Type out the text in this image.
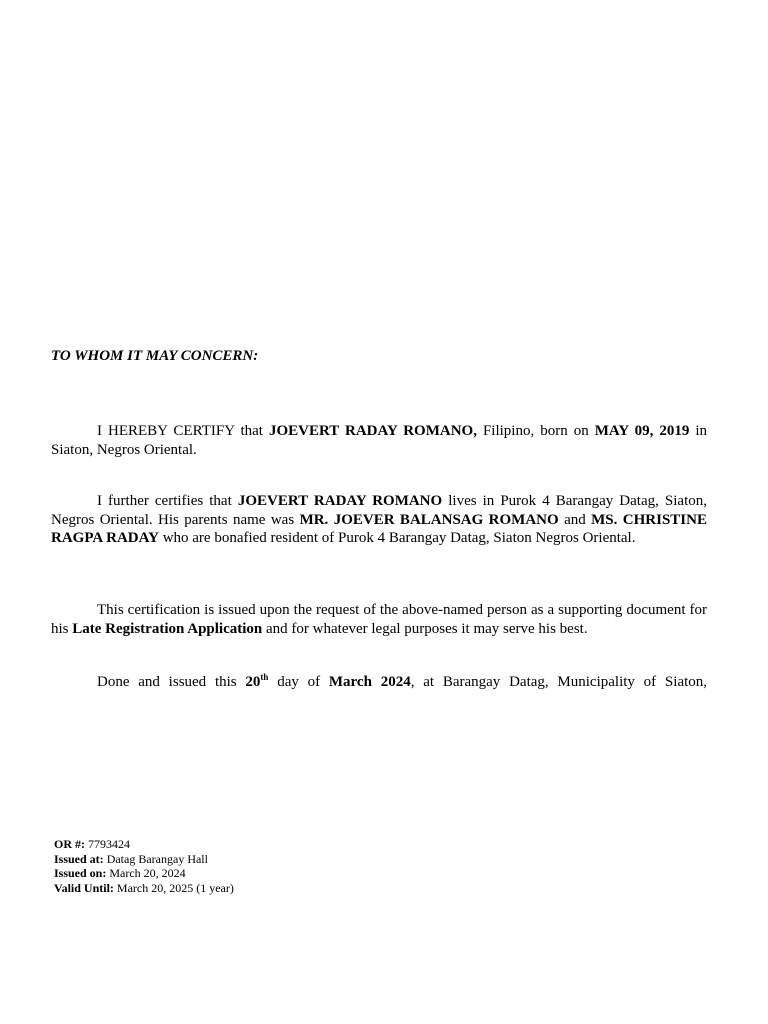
TO WHOM IT MAY CONCERN:

I HEREBY CERTIFY that JOEVERT RADAY ROMANO, Filipino, born on MAY 09, 2019 in Siaton, Negros Oriental.

I further certifies that JOEVERT RADAY ROMANO lives in Purok 4 Barangay Datag, Siaton, Negros Oriental. His parents name was MR. JOEVER BALANSAG ROMANO and MS. CHRISTINE RAGPA RADAY who are bonafied resident of Purok 4 Barangay Datag, Siaton Negros Oriental.

This certification is issued upon the request of the above-named person as a supporting document for his Late Registration Application and for whatever legal purposes it may serve his best.

Done and issued this 20th day of March 2024, at Barangay Datag, Municipality of Siaton,

OR #: 7793424
Issued at: Datag Barangay Hall
Issued on: March 20, 2024
Valid Until: March 20, 2025 (1 year)
